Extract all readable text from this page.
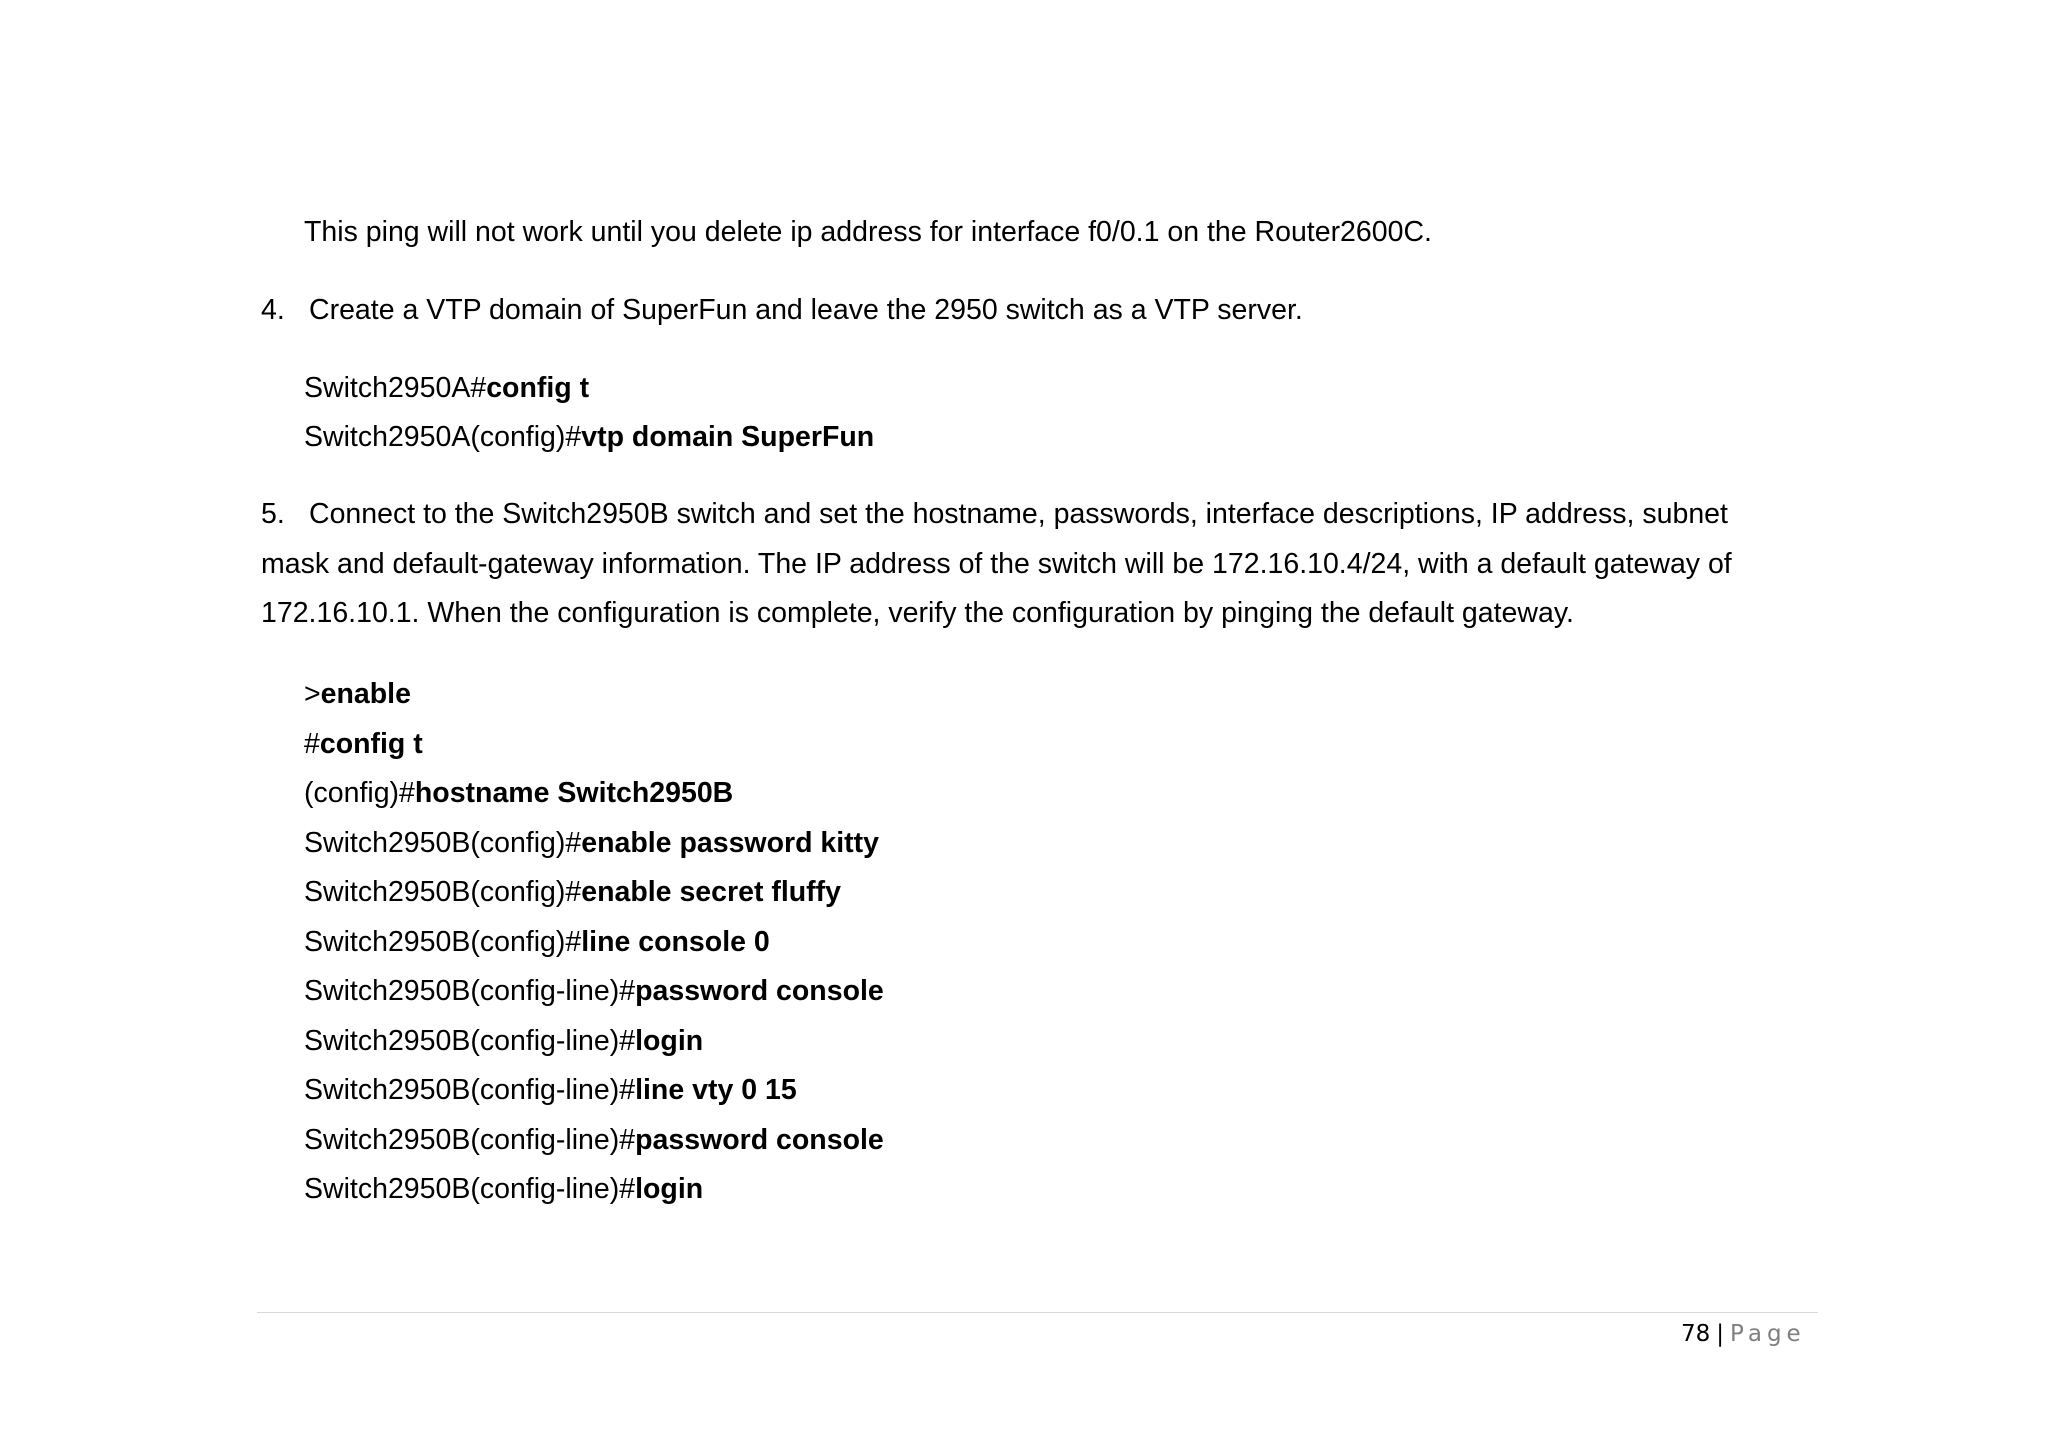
This ping will not work until you delete ip address for interface f0/0.1 on the Router2600C.
4. Create a VTP domain of SuperFun and leave the 2950 switch as a VTP server.
Switch2950A#config t
Switch2950A(config)#vtp domain SuperFun
5. Connect to the Switch2950B switch and set the hostname, passwords, interface descriptions, IP address, subnet mask and default-gateway information. The IP address of the switch will be 172.16.10.4/24, with a default gateway of 172.16.10.1. When the configuration is complete, verify the configuration by pinging the default gateway.
>enable
#config t
(config)#hostname Switch2950B
Switch2950B(config)#enable password kitty
Switch2950B(config)#enable secret fluffy
Switch2950B(config)#line console 0
Switch2950B(config-line)#password console
Switch2950B(config-line)#login
Switch2950B(config-line)#line vty 0 15
Switch2950B(config-line)#password console
Switch2950B(config-line)#login
78 | Page
